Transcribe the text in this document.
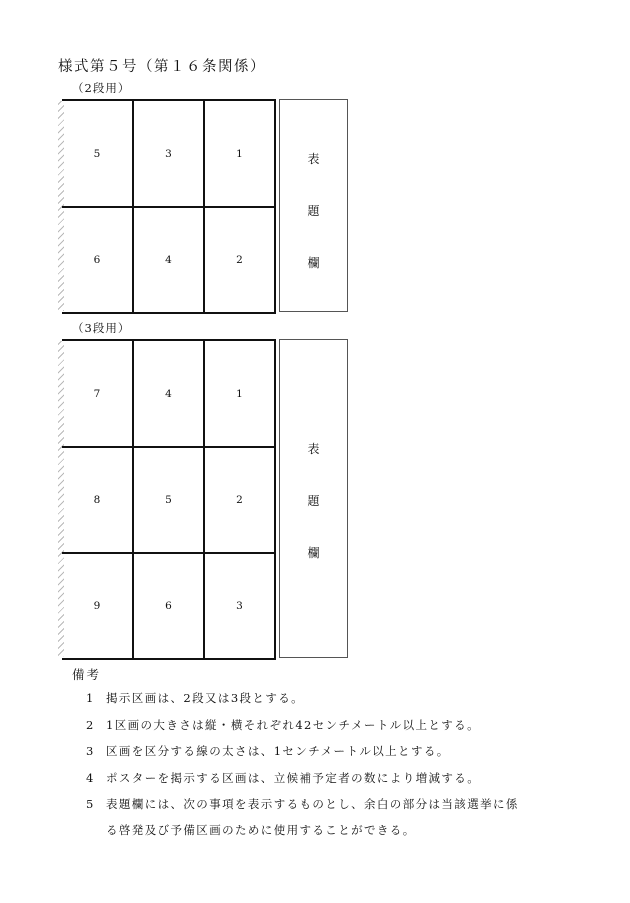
様式第５号（第１６条関係）
（2段用）
5	3	1
6	4	2
表
題
欄
（3段用）
7	4	1
8	5	2
9	6	3
表
題
欄
備考
1 掲示区画は、2段又は3段とする。
2 1区画の大きさは縦・横それぞれ42センチメートル以上とする。
3 区画を区分する線の太さは、1センチメートル以上とする。
4 ポスターを掲示する区画は、立候補予定者の数により増減する。
5 表題欄には、次の事項を表示するものとし、余白の部分は当該選挙に係
る啓発及び予備区画のために使用することができる。
